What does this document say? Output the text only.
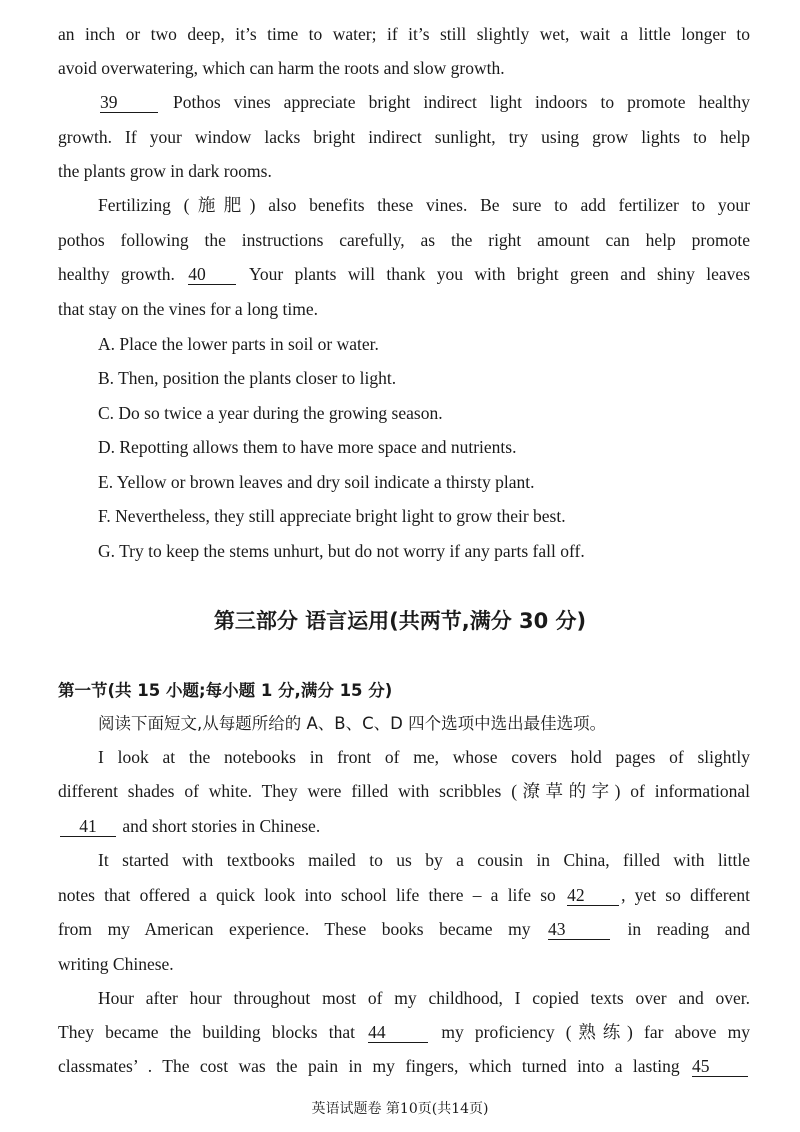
an inch or two deep, it’s time to water; if it’s still slightly wet, wait a little longer to
avoid overwatering, which can harm the roots and slow growth.
39	Pothos vines appreciate bright indirect light indoors to promote healthy
growth. If your window lacks bright indirect sunlight, try using grow lights to help
the plants grow in dark rooms.
Fertilizing (施肥) also benefits these vines. Be sure to add fertilizer to your
pothos following the instructions carefully, as the right amount can help promote
healthy growth. 40 Your plants will thank you with bright green and shiny leaves
that stay on the vines for a long time.
A. Place the lower parts in soil or water.
B. Then, position the plants closer to light.
C. Do so twice a year during the growing season.
D. Repotting allows them to have more space and nutrients.
E. Yellow or brown leaves and dry soil indicate a thirsty plant.
F. Nevertheless, they still appreciate bright light to grow their best.
G. Try to keep the stems unhurt, but do not worry if any parts fall off.
第三部分 语言运用(共两节,满分 30 分)
第一节(共 15 小题;每小题 1 分,满分 15 分)
阅读下面短文,从每题所给的 A、B、C、D 四个选项中选出最佳选项。
I look at the notebooks in front of me, whose covers hold pages of slightly
different shades of white. They were filled with scribbles (潦草的字) of informational
41 and short stories in Chinese.
It started with textbooks mailed to us by a cousin in China, filled with little
notes that offered a quick look into school life there – a life so 42 , yet so different
from my American experience. These books became my 43	in reading and
writing Chinese.
Hour after hour throughout most of my childhood, I copied texts over and over.
They became the building blocks that 44	my proficiency (熟练) far above my
classmates’ . The cost was the pain in my fingers, which turned into a lasting 45
英语试题卷 第10页(共14页)
